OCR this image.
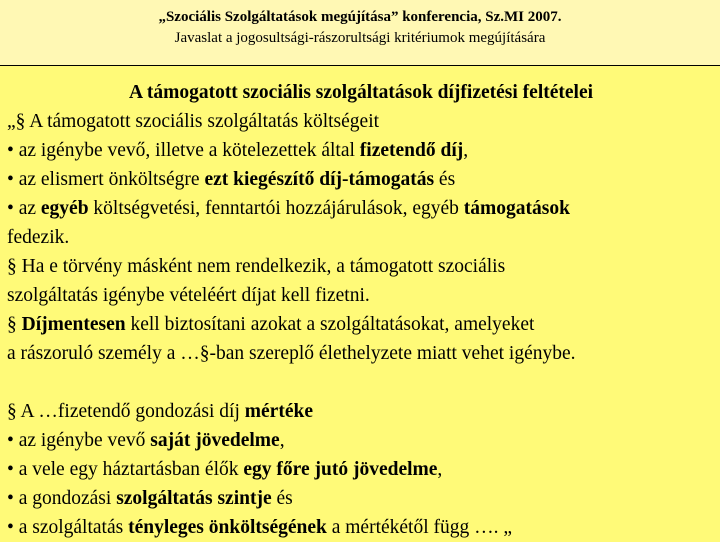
„Szociális Szolgáltatások megújítása” konferencia, Sz.MI 2007.
Javaslat a jogosultsági-rászorultsági kritériumok megújítására
A támogatott szociális szolgáltatások díjfizetési feltételei
„§ A támogatott szociális szolgáltatás költségeit
• az igénybe vevő, illetve a kötelezettek által fizetendő díj,
• az elismert önköltségre ezt kiegészítő díj-támogatás és
• az egyéb költségvetési, fenntartói hozzájárulások, egyéb támogatások
fedezik.
§ Ha e törvény másként nem rendelkezik, a támogatott szociális
szolgáltatás igénybe vételéért díjat kell fizetni.
§ Díjmentesen kell biztosítani azokat a szolgáltatásokat, amelyeket
a rászoruló személy a …§-ban szereplő élethelyzete miatt vehet igénybe.
§ A …fizetendő gondozási díj mértéke
• az igénybe vevő saját jövedelme,
• a vele egy háztartásban élők egy főre jutó jövedelme,
• a gondozási szolgáltatás szintje és
• a szolgáltatás tényleges önköltségének a mértékétől függ …. „
